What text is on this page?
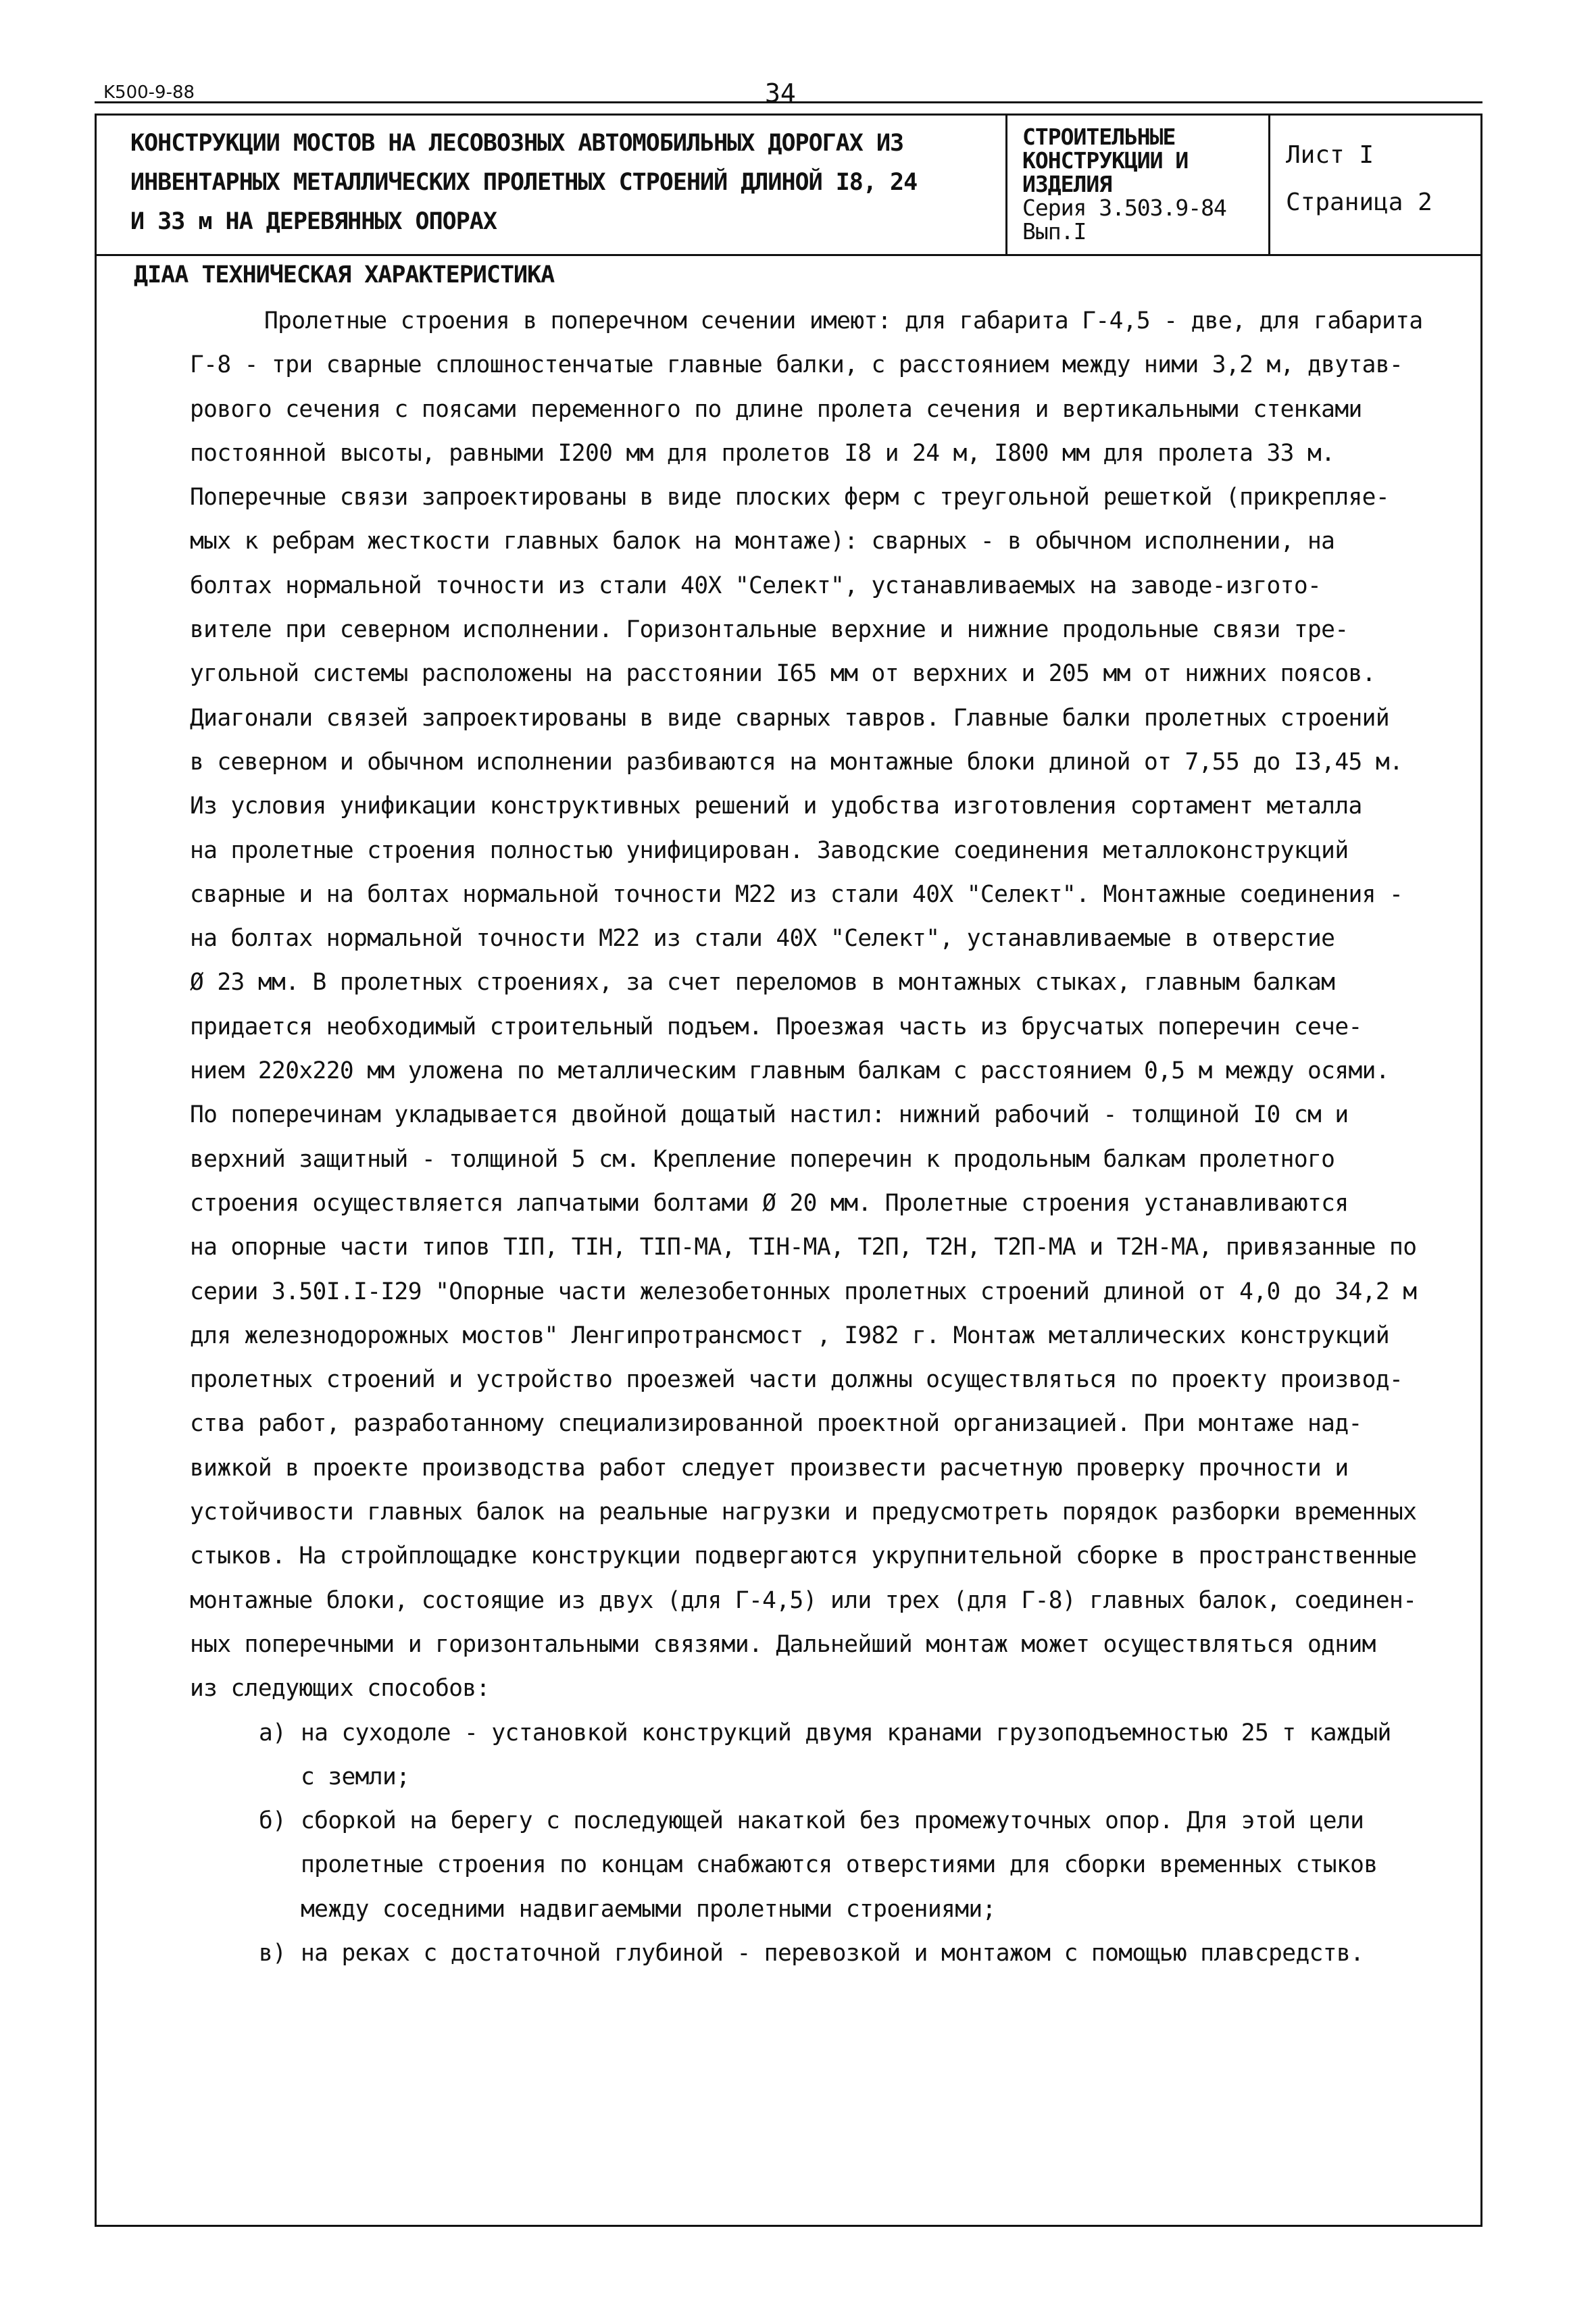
K500-9-88	34
КОНСТРУКЦИИ МОСТОВ НА ЛЕСОВОЗНЫХ АВТОМОБИЛЬНЫХ ДОРОГАХ ИЗ
ИНВЕНТАРНЫХ МЕТАЛЛИЧЕСКИХ ПРОЛЕТНЫХ СТРОЕНИЙ ДЛИНОЙ I8, 24
И 33 м НА ДЕРЕВЯННЫХ ОПОРАХ
СТРОИТЕЛЬНЫЕ
КОНСТРУКЦИИ И
ИЗДЕЛИЯ
Серия 3.503.9-84
Вып.I
Лист I
Страница 2
ДIАА ТЕХНИЧЕСКАЯ ХАРАКТЕРИСТИКА
Пролетные строения в поперечном сечении имеют: для габарита Г-4,5 - две, для габарита
Г-8 - три сварные сплошностенчатые главные балки, с расстоянием между ними 3,2 м, двутав-
рового сечения с поясами переменного по длине пролета сечения и вертикальными стенками
постоянной высоты, равными I200 мм для пролетов I8 и 24 м, I800 мм для пролета 33 м.
Поперечные связи запроектированы в виде плоских ферм с треугольной решеткой (прикрепляе-
мых к ребрам жесткости главных балок на монтаже): сварных - в обычном исполнении, на
болтах нормальной точности из стали 40Х "Селект", устанавливаемых на заводе-изгото-
вителе при северном исполнении. Горизонтальные верхние и нижние продольные связи тре-
угольной системы расположены на расстоянии I65 мм от верхних и 205 мм от нижних поясов.
Диагонали связей запроектированы в виде сварных тавров. Главные балки пролетных строений
в северном и обычном исполнении разбиваются на монтажные блоки длиной от 7,55 до I3,45 м.
Из условия унификации конструктивных решений и удобства изготовления сортамент металла
на пролетные строения полностью унифицирован. Заводские соединения металлоконструкций
сварные и на болтах нормальной точности М22 из стали 40Х "Селект". Монтажные соединения -
на болтах нормальной точности М22 из стали 40Х "Селект", устанавливаемые в отверстие
Ø 23 мм. В пролетных строениях, за счет переломов в монтажных стыках, главным балкам
придается необходимый строительный подъем. Проезжая часть из брусчатых поперечин сече-
нием 220х220 мм уложена по металлическим главным балкам с расстоянием 0,5 м между осями.
По поперечинам укладывается двойной дощатый настил: нижний рабочий - толщиной I0 см и
верхний защитный - толщиной 5 см. Крепление поперечин к продольным балкам пролетного
строения осуществляется лапчатыми болтами Ø 20 мм. Пролетные строения устанавливаются
на опорные части типов ТIП, ТIН, ТIП-МА, ТIН-МА, Т2П, Т2Н, Т2П-МА и Т2Н-МА, привязанные по
серии 3.50I.I-I29 "Опорные части железобетонных пролетных строений длиной от 4,0 до 34,2 м
для железнодорожных мостов" Ленгипротрансмост , I982 г. Монтаж металлических конструкций
пролетных строений и устройство проезжей части должны осуществляться по проекту производ-
ства работ, разработанному специализированной проектной организацией. При монтаже над-
вижкой в проекте производства работ следует произвести расчетную проверку прочности и
устойчивости главных балок на реальные нагрузки и предусмотреть порядок разборки временных
стыков. На стройплощадке конструкции подвергаются укрупнительной сборке в пространственные
монтажные блоки, состоящие из двух (для Г-4,5) или трех (для Г-8) главных балок, соединен-
ных поперечными и горизонтальными связями. Дальнейший монтаж может осуществляться одним
из следующих способов:
а) на суходоле - установкой конструкций двумя кранами грузоподъемностью 25 т каждый
с земли;
б) сборкой на берегу с последующей накаткой без промежуточных опор. Для этой цели
пролетные строения по концам снабжаются отверстиями для сборки временных стыков
между соседними надвигаемыми пролетными строениями;
в) на реках с достаточной глубиной - перевозкой и монтажом с помощью плавсредств.
